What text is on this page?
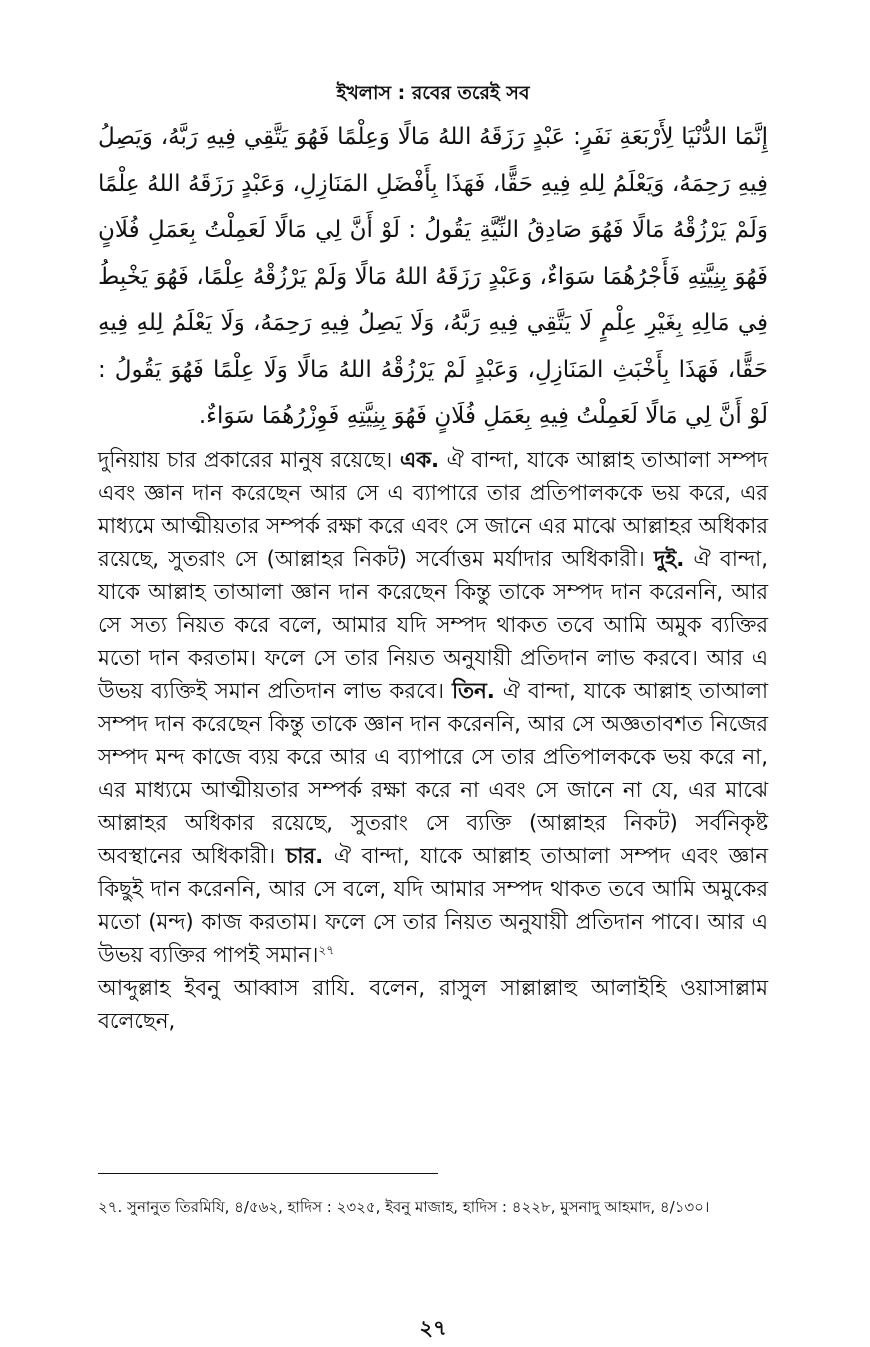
ইখলাস : রবের তরেই সব

إِنَّمَا الدُّنْيَا لِأَرْبَعَةِ نَفَرٍ: عَبْدٍ رَزَقَهُ اللهُ مَالًا وَعِلْمًا فَهُوَ يَتَّقِي فِيهِ رَبَّهُ، وَيَصِلُ فِيهِ رَحِمَهُ، وَيَعْلَمُ لِلهِ فِيهِ حَقًّا، فَهَذَا بِأَفْضَلِ المَنَازِلِ، وَعَبْدٍ رَزَقَهُ اللهُ عِلْمًا وَلَمْ يَرْزُقْهُ مَالًا فَهُوَ صَادِقُ النِّيَّةِ يَقُولُ : لَوْ أَنَّ لِي مَالًا لَعَمِلْتُ بِعَمَلِ فُلَانٍ فَهُوَ بِنِيَّتِهِ فَأَجْرُهُمَا سَوَاءٌ، وَعَبْدٍ رَزَقَهُ اللهُ مَالًا وَلَمْ يَرْزُقْهُ عِلْمًا، فَهُوَ يَخْبِطُ فِي مَالِهِ بِغَيْرِ عِلْمٍ لَا يَتَّقِي فِيهِ رَبَّهُ، وَلَا يَصِلُ فِيهِ رَحِمَهُ، وَلَا يَعْلَمُ لِلهِ فِيهِ حَقًّا، فَهَذَا بِأَخْبَثِ المَنَازِلِ، وَعَبْدٍ لَمْ يَرْزُقْهُ اللهُ مَالًا وَلَا عِلْمًا فَهُوَ يَقُولُ : لَوْ أَنَّ لِي مَالًا لَعَمِلْتُ فِيهِ بِعَمَلِ فُلَانٍ فَهُوَ بِنِيَّتِهِ فَوِزْرُهُمَا سَوَاءٌ.

দুনিয়ায় চার প্রকারের মানুষ রয়েছে। এক. ঐ বান্দা, যাকে আল্লাহ তাআলা সম্পদ এবং জ্ঞান দান করেছেন আর সে এ ব্যাপারে তার প্রতিপালককে ভয় করে, এর মাধ্যমে আত্মীয়তার সম্পর্ক রক্ষা করে এবং সে জানে এর মাঝে আল্লাহর অধিকার রয়েছে, সুতরাং সে (আল্লাহর নিকট) সর্বোত্তম মর্যাদার অধিকারী। দুই. ঐ বান্দা, যাকে আল্লাহ তাআলা জ্ঞান দান করেছেন কিন্তু তাকে সম্পদ দান করেননি, আর সে সত্য নিয়ত করে বলে, আমার যদি সম্পদ থাকত তবে আমি অমুক ব্যক্তির মতো দান করতাম। ফলে সে তার নিয়ত অনুযায়ী প্রতিদান লাভ করবে। আর এ উভয় ব্যক্তিই সমান প্রতিদান লাভ করবে। তিন. ঐ বান্দা, যাকে আল্লাহ তাআলা সম্পদ দান করেছেন কিন্তু তাকে জ্ঞান দান করেননি, আর সে অজ্ঞতাবশত নিজের সম্পদ মন্দ কাজে ব্যয় করে আর এ ব্যাপারে সে তার প্রতিপালককে ভয় করে না, এর মাধ্যমে আত্মীয়তার সম্পর্ক রক্ষা করে না এবং সে জানে না যে, এর মাঝে আল্লাহর অধিকার রয়েছে, সুতরাং সে ব্যক্তি (আল্লাহর নিকট) সর্বনিকৃষ্ট অবস্থানের অধিকারী। চার. ঐ বান্দা, যাকে আল্লাহ তাআলা সম্পদ এবং জ্ঞান কিছুই দান করেননি, আর সে বলে, যদি আমার সম্পদ থাকত তবে আমি অমুকের মতো (মন্দ) কাজ করতাম। ফলে সে তার নিয়ত অনুযায়ী প্রতিদান পাবে। আর এ উভয় ব্যক্তির পাপই সমান।$^{২৭}$

আব্দুল্লাহ ইবনু আব্বাস রাযি. বলেন, রাসুল সাল্লাল্লাহু আলাইহি ওয়াসাল্লাম বলেছেন,

২৭. সুনানুত তিরমিযি, ৪/৫৬২, হাদিস : ২৩২৫, ইবনু মাজাহ, হাদিস : ৪২২৮, মুসনাদু আহমাদ, ৪/১৩০।
২৭
